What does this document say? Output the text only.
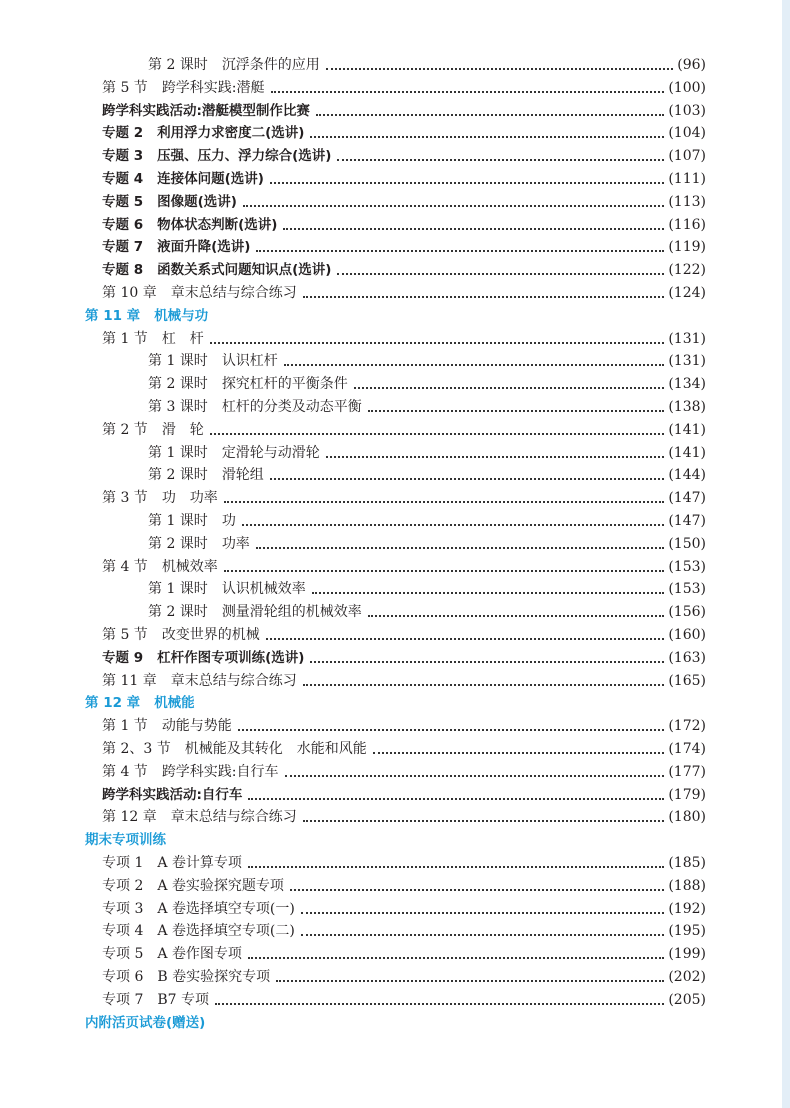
第 2 课时 沉浮条件的应用	(96)
第 5 节 跨学科实践:潜艇	(100)
跨学科实践活动:潜艇模型制作比赛	(103)
专题 2 利用浮力求密度二(选讲)	(104)
专题 3 压强、压力、浮力综合(选讲)	(107)
专题 4 连接体问题(选讲)	(111)
专题 5 图像题(选讲)	(113)
专题 6 物体状态判断(选讲)	(116)
专题 7 液面升降(选讲)	(119)
专题 8 函数关系式问题知识点(选讲)	(122)
第 10 章 章末总结与综合练习	(124)
第 11 章 机械与功
第 1 节 杠　杆	(131)
第 1 课时 认识杠杆	(131)
第 2 课时 探究杠杆的平衡条件	(134)
第 3 课时 杠杆的分类及动态平衡	(138)
第 2 节 滑　轮	(141)
第 1 课时 定滑轮与动滑轮	(141)
第 2 课时 滑轮组	(144)
第 3 节 功　功率	(147)
第 1 课时 功	(147)
第 2 课时 功率	(150)
第 4 节 机械效率	(153)
第 1 课时 认识机械效率	(153)
第 2 课时 测量滑轮组的机械效率	(156)
第 5 节 改变世界的机械	(160)
专题 9 杠杆作图专项训练(选讲)	(163)
第 11 章 章末总结与综合练习	(165)
第 12 章 机械能
第 1 节 动能与势能	(172)
第 2、3 节 机械能及其转化　水能和风能	(174)
第 4 节 跨学科实践:自行车	(177)
跨学科实践活动:自行车	(179)
第 12 章 章末总结与综合练习	(180)
期末专项训练
专项 1 A 卷计算专项	(185)
专项 2 A 卷实验探究题专项	(188)
专项 3 A 卷选择填空专项(一)	(192)
专项 4 A 卷选择填空专项(二)	(195)
专项 5 A 卷作图专项	(199)
专项 6 B 卷实验探究专项	(202)
专项 7 B7 专项	(205)
内附活页试卷(赠送)
